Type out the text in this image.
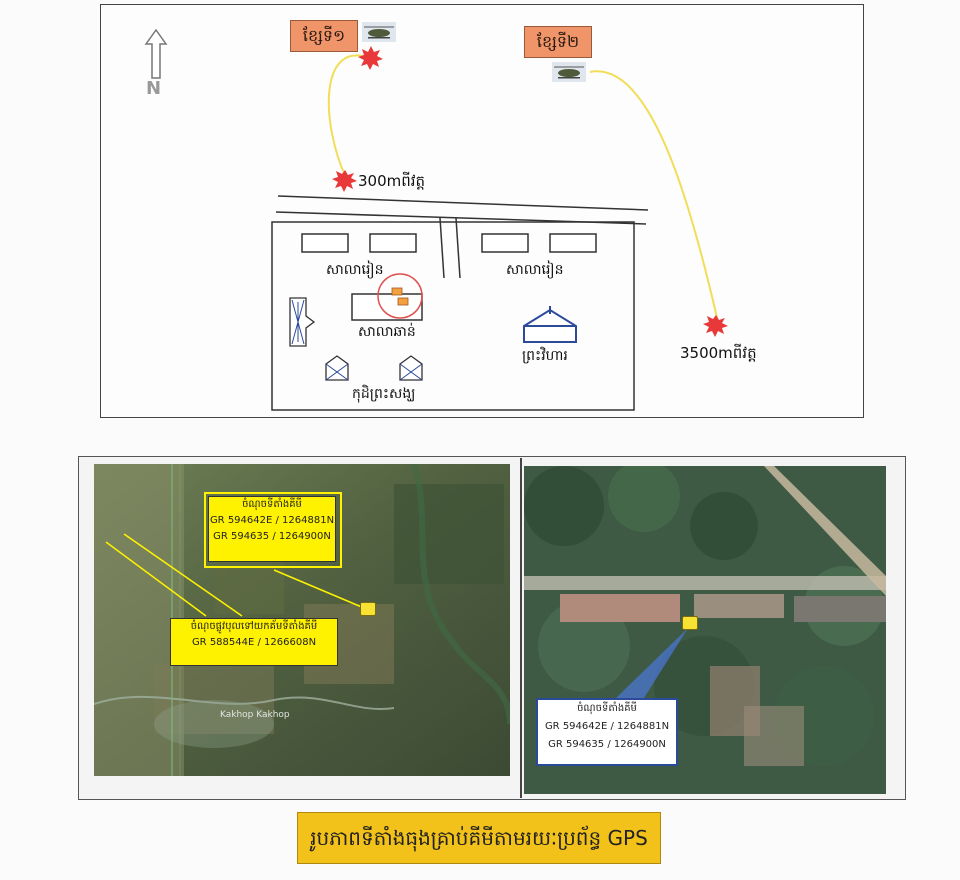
N
ខ្សែទី១	ខ្សែទី២
300mពីវត្ត
3500mពីវត្ត
សាលារៀន	សាលារៀន
សាលាឆាន់
ព្រះវិហារ
កុដិព្រះសង្ឃ
ចំណុចទីតាំងគីមី
GR 594642E / 1264881N
GR 594635 / 1264900N
ចំណុចផ្លូវបុលទៅយកគ័មទីតាំងគីមី
GR 588544E / 1266608N
Kakhop Kakhop
ចំណុចទីតាំងគីមី
GR 594642E / 1264881N
GR 594635 / 1264900N
រូបភាពទីតាំងធុងគ្រាប់គីមីតាមរយៈប្រព័ន្ធ GPS
